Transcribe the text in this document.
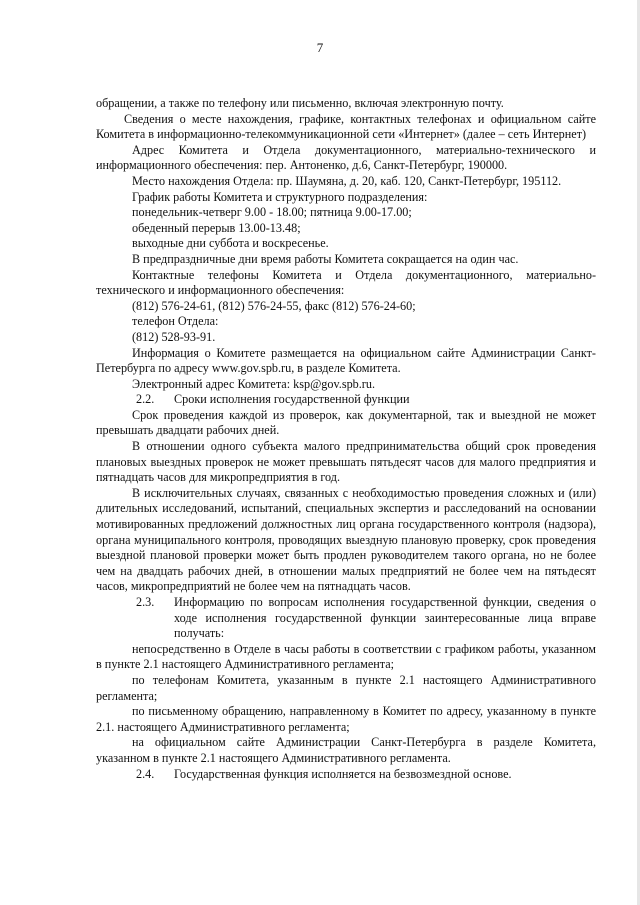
7

обращении, а также по телефону или письменно, включая электронную почту.

Сведения о месте нахождения, графике, контактных телефонах и официальном сайте Комитета в информационно-телекоммуникационной сети «Интернет» (далее – сеть Интернет)

Адрес Комитета и Отдела документационного, материально-технического и информационного обеспечения: пер. Антоненко, д.6, Санкт-Петербург, 190000.

Место нахождения Отдела: пр. Шаумяна, д. 20, каб. 120, Санкт-Петербург, 195112.

График работы Комитета и структурного подразделения:

понедельник-четверг 9.00 - 18.00; пятница 9.00-17.00;

обеденный перерыв 13.00-13.48;

выходные дни суббота и воскресенье.

В предпраздничные дни время работы Комитета сокращается на один час.

Контактные телефоны Комитета и Отдела документационного, материально-технического и информационного обеспечения:

(812) 576-24-61, (812) 576-24-55, факс (812) 576-24-60;

телефон Отдела:

(812) 528-93-91.

Информация о Комитете размещается на официальном сайте Администрации Санкт-Петербурга по адресу www.gov.spb.ru, в разделе Комитета.

Электронный адрес Комитета: ksp@gov.spb.ru.

2.2.	Сроки исполнения государственной функции

Срок проведения каждой из проверок, как документарной, так и выездной не может превышать двадцати рабочих дней.

В отношении одного субъекта малого предпринимательства общий срок проведения плановых выездных проверок не может превышать пятьдесят часов для малого предприятия и пятнадцать часов для микропредприятия в год.

В исключительных случаях, связанных с необходимостью проведения сложных и (или) длительных исследований, испытаний, специальных экспертиз и расследований на основании мотивированных предложений должностных лиц органа государственного контроля (надзора), органа муниципального контроля, проводящих выездную плановую проверку, срок проведения выездной плановой проверки может быть продлен руководителем такого органа, но не более чем на двадцать рабочих дней, в отношении малых предприятий не более чем на пятьдесят часов, микропредприятий не более чем на пятнадцать часов.

2.3.	Информацию по вопросам исполнения государственной функции, сведения о ходе исполнения государственной функции заинтересованные лица вправе получать:

непосредственно в Отделе в часы работы в соответствии с графиком работы, указанном в пункте 2.1 настоящего Административного регламента;

по телефонам Комитета, указанным в пункте 2.1 настоящего Административного регламента;

по письменному обращению, направленному в Комитет по адресу, указанному в пункте 2.1. настоящего Административного регламента;

на официальном сайте Администрации Санкт-Петербурга в разделе Комитета, указанном в пункте 2.1 настоящего Административного регламента.

2.4.	Государственная функция исполняется на безвозмездной основе.
